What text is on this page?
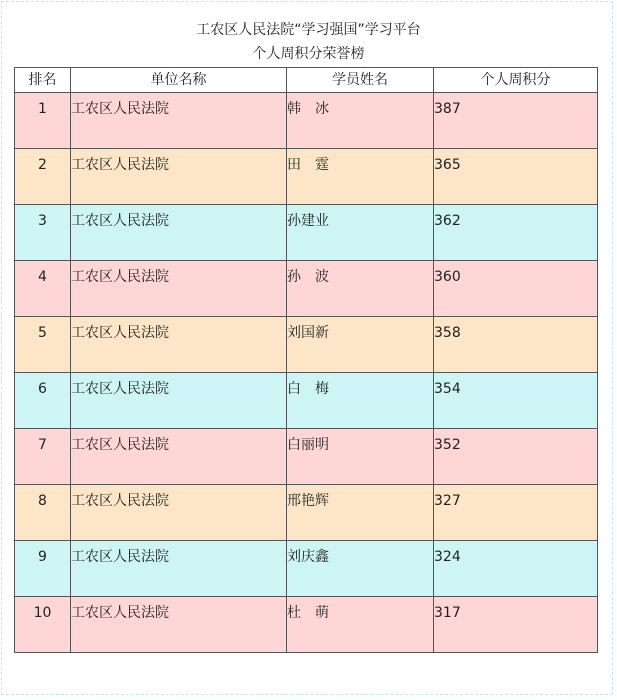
工农区人民法院“学习强国”学习平台
个人周积分荣誉榜
排名	单位名称	学员姓名	个人周积分
1	工农区人民法院	韩　冰	387
2	工农区人民法院	田　霆	365
3	工农区人民法院	孙建业	362
4	工农区人民法院	孙　波	360
5	工农区人民法院	刘国新	358
6	工农区人民法院	白　梅	354
7	工农区人民法院	白丽明	352
8	工农区人民法院	邢艳辉	327
9	工农区人民法院	刘庆鑫	324
10	工农区人民法院	杜　萌	317
